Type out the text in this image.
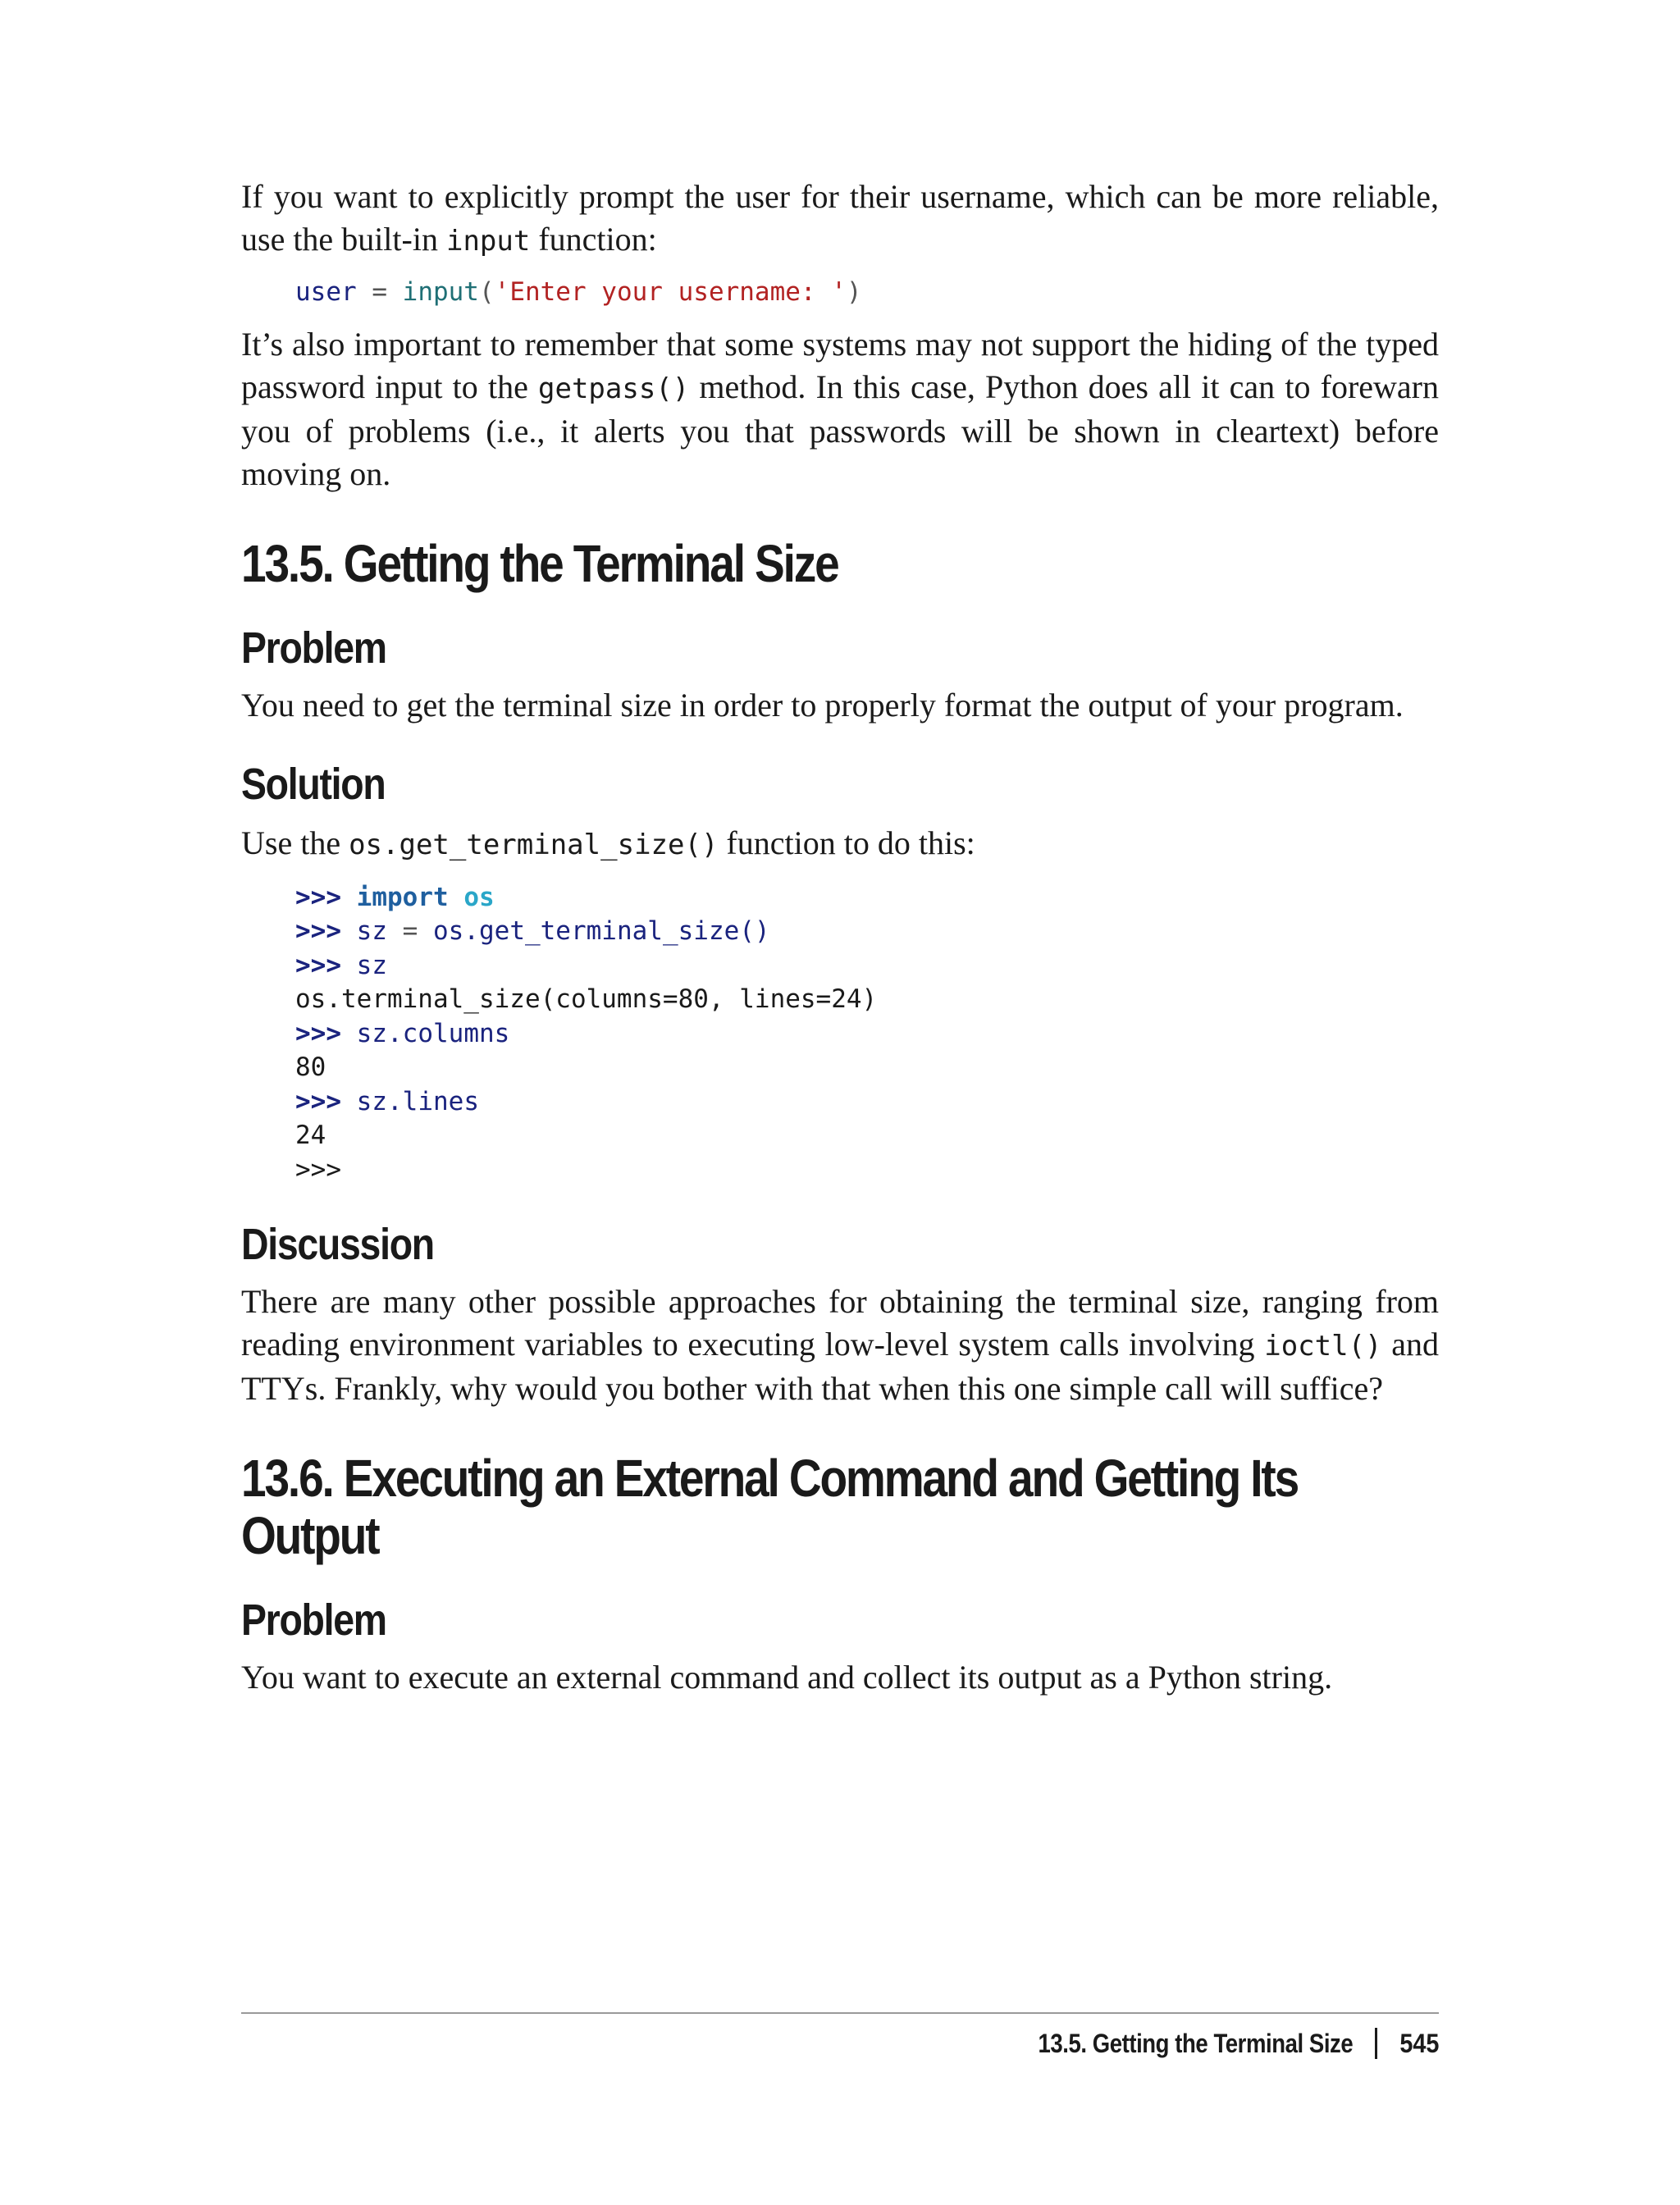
If you want to explicitly prompt the user for their username, which can be more reliable, use the built-in input function:

user = input('Enter your username: ')

It’s also important to remember that some systems may not support the hiding of the typed password input to the getpass() method. In this case, Python does all it can to forewarn you of problems (i.e., it alerts you that passwords will be shown in cleartext) before moving on.

13.5. Getting the Terminal Size
Problem

You need to get the terminal size in order to properly format the output of your program.

Solution

Use the os.get_terminal_size() function to do this:

>>> import os
>>> sz = os.get_terminal_size()
>>> sz
os.terminal_size(columns=80, lines=24)
>>> sz.columns
80
>>> sz.lines
24
>>>
Discussion

There are many other possible approaches for obtaining the terminal size, ranging from reading environment variables to executing low-level system calls involving ioctl() and TTYs. Frankly, why would you bother with that when this one simple call will suffice?

13.6. Executing an External Command and Getting Its Output
Problem

You want to execute an external command and collect its output as a Python string.

13.5. Getting the Terminal Size 545
